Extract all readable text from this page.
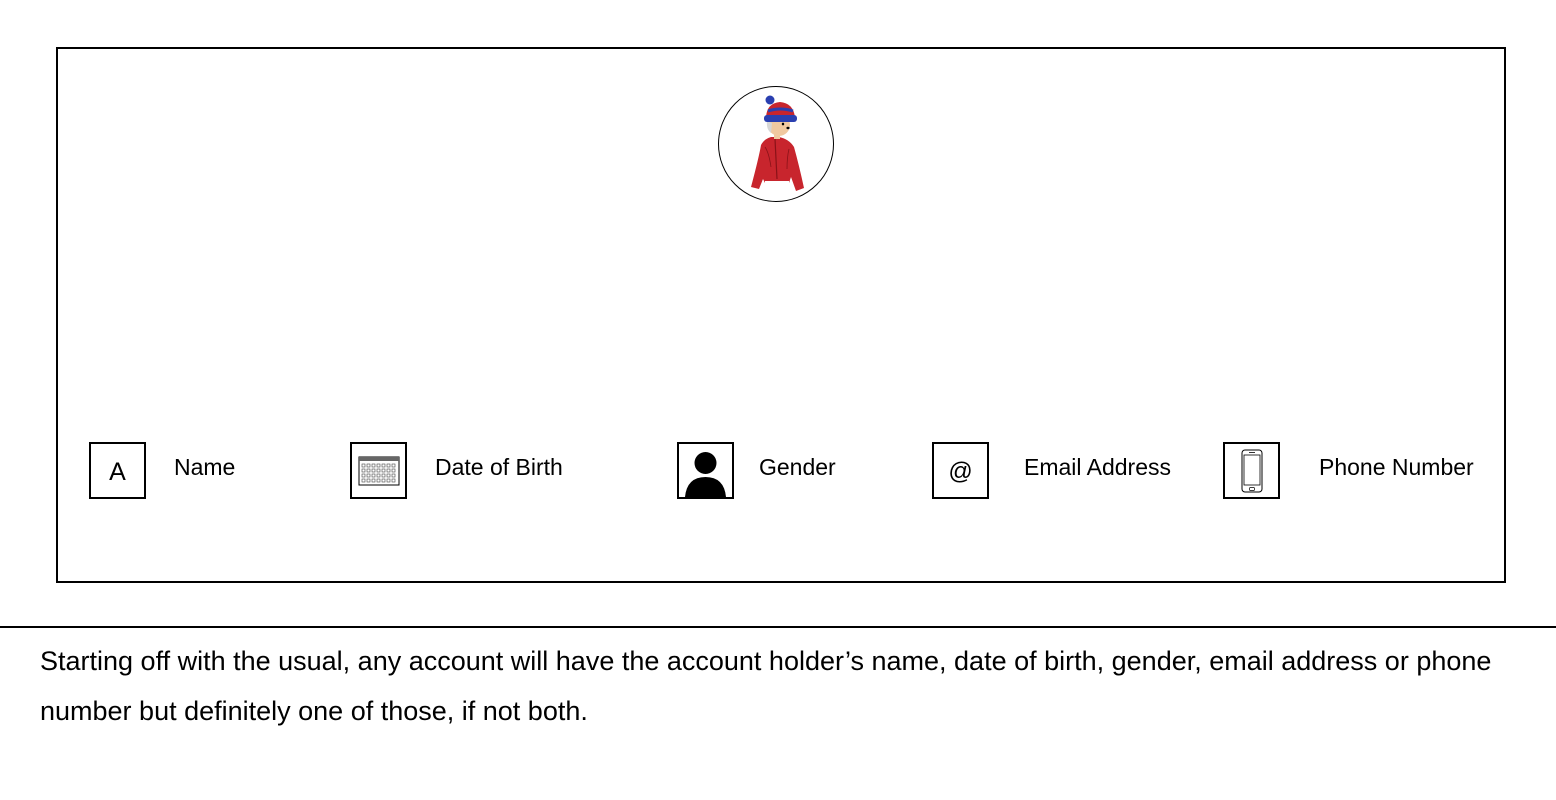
A Name	Date of Birth	Gender	@ Email Address	Phone Number
Starting off with the usual, any account will have the account holder’s name, date of birth, gender, email address or phone number but definitely one of those, if not both.
